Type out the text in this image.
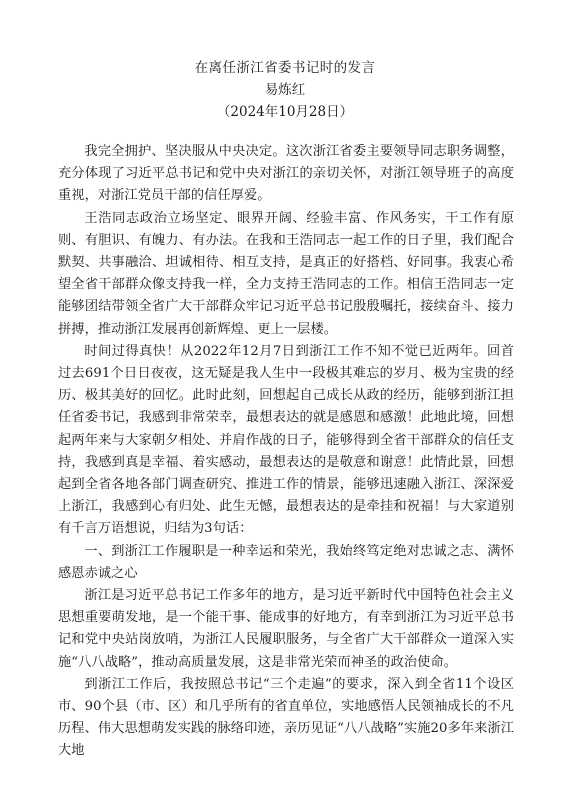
在离任浙江省委书记时的发言
易炼红
（2024年10月28日）

我完全拥护、坚决服从中央决定。这次浙江省委主要领导同志职务调整，充分体现了习近平总书记和党中央对浙江的亲切关怀，对浙江领导班子的高度重视，对浙江党员干部的信任厚爱。

王浩同志政治立场坚定、眼界开阔、经验丰富、作风务实，干工作有原则、有胆识、有魄力、有办法。在我和王浩同志一起工作的日子里，我们配合默契、共事融洽、坦诚相待、相互支持，是真正的好搭档、好同事。我衷心希望全省干部群众像支持我一样，全力支持王浩同志的工作。相信王浩同志一定能够团结带领全省广大干部群众牢记习近平总书记殷殷嘱托，接续奋斗、接力拼搏，推动浙江发展再创新辉煌、更上一层楼。

时间过得真快！从2022年12月7日到浙江工作不知不觉已近两年。回首过去691个日日夜夜，这无疑是我人生中一段极其难忘的岁月、极为宝贵的经历、极其美好的回忆。此时此刻，回想起自己成长从政的经历，能够到浙江担任省委书记，我感到非常荣幸，最想表达的就是感恩和感激！此地此境，回想起两年来与大家朝夕相处、并肩作战的日子，能够得到全省干部群众的信任支持，我感到真是幸福、着实感动，最想表达的是敬意和谢意！此情此景，回想起到全省各地各部门调查研究、推进工作的情景，能够迅速融入浙江、深深爱上浙江，我感到心有归处、此生无憾，最想表达的是牵挂和祝福！与大家道别有千言万语想说，归结为3句话：

一、到浙江工作履职是一种幸运和荣光，我始终笃定绝对忠诚之志、满怀感恩赤诚之心

浙江是习近平总书记工作多年的地方，是习近平新时代中国特色社会主义思想重要萌发地，是一个能干事、能成事的好地方，有幸到浙江为习近平总书记和党中央站岗放哨，为浙江人民履职服务，与全省广大干部群众一道深入实施“八八战略”，推动高质量发展，这是非常光荣而神圣的政治使命。

到浙江工作后，我按照总书记“三个走遍”的要求，深入到全省11个设区市、90个县（市、区）和几乎所有的省直单位，实地感悟人民领袖成长的不凡历程、伟大思想萌发实践的脉络印迹，亲历见证“八八战略”实施20多年来浙江大地
